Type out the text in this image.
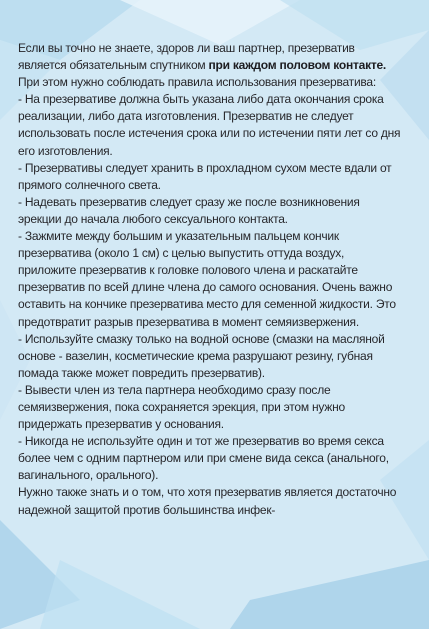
Если вы точно не знаете, здоров ли ваш партнер, презерватив является обязательным спутником при каждом половом контакте. При этом нужно соблюдать правила использования презерватива:

- На презервативе должна быть указана либо дата окончания срока реализации, либо дата изготовления. Презерватив не следует использовать после истечения срока или по истечении пяти лет со дня его изготовления.

- Презервативы следует хранить в прохладном сухом месте вдали от прямого солнечного света.

- Надевать презерватив следует сразу же после возникновения эрекции до начала любого сексуального контакта.

- Зажмите между большим и указательным пальцем кончик презерватива (около 1 см) с целью выпустить оттуда воздух, приложите презерватив к головке полового члена и раскатайте презерватив по всей длине члена до самого основания. Очень важно оставить на кончике презерватива место для семенной жидкости. Это предотвратит разрыв презерватива в момент семяизвержения.

- Используйте смазку только на водной основе (смазки на масляной основе - вазелин, косметические крема разрушают резину, губная помада также может повредить презерватив).

- Вывести член из тела партнера необходимо сразу после семяизвержения, пока сохраняется эрекция, при этом нужно придержать презерватив у основания.

- Никогда не используйте один и тот же презерватив во время секса более чем с одним партнером или при смене вида секса (анального, вагинального, орального).

Нужно также знать и о том, что хотя презерватив является достаточно надежной защитой против большинства инфек-
